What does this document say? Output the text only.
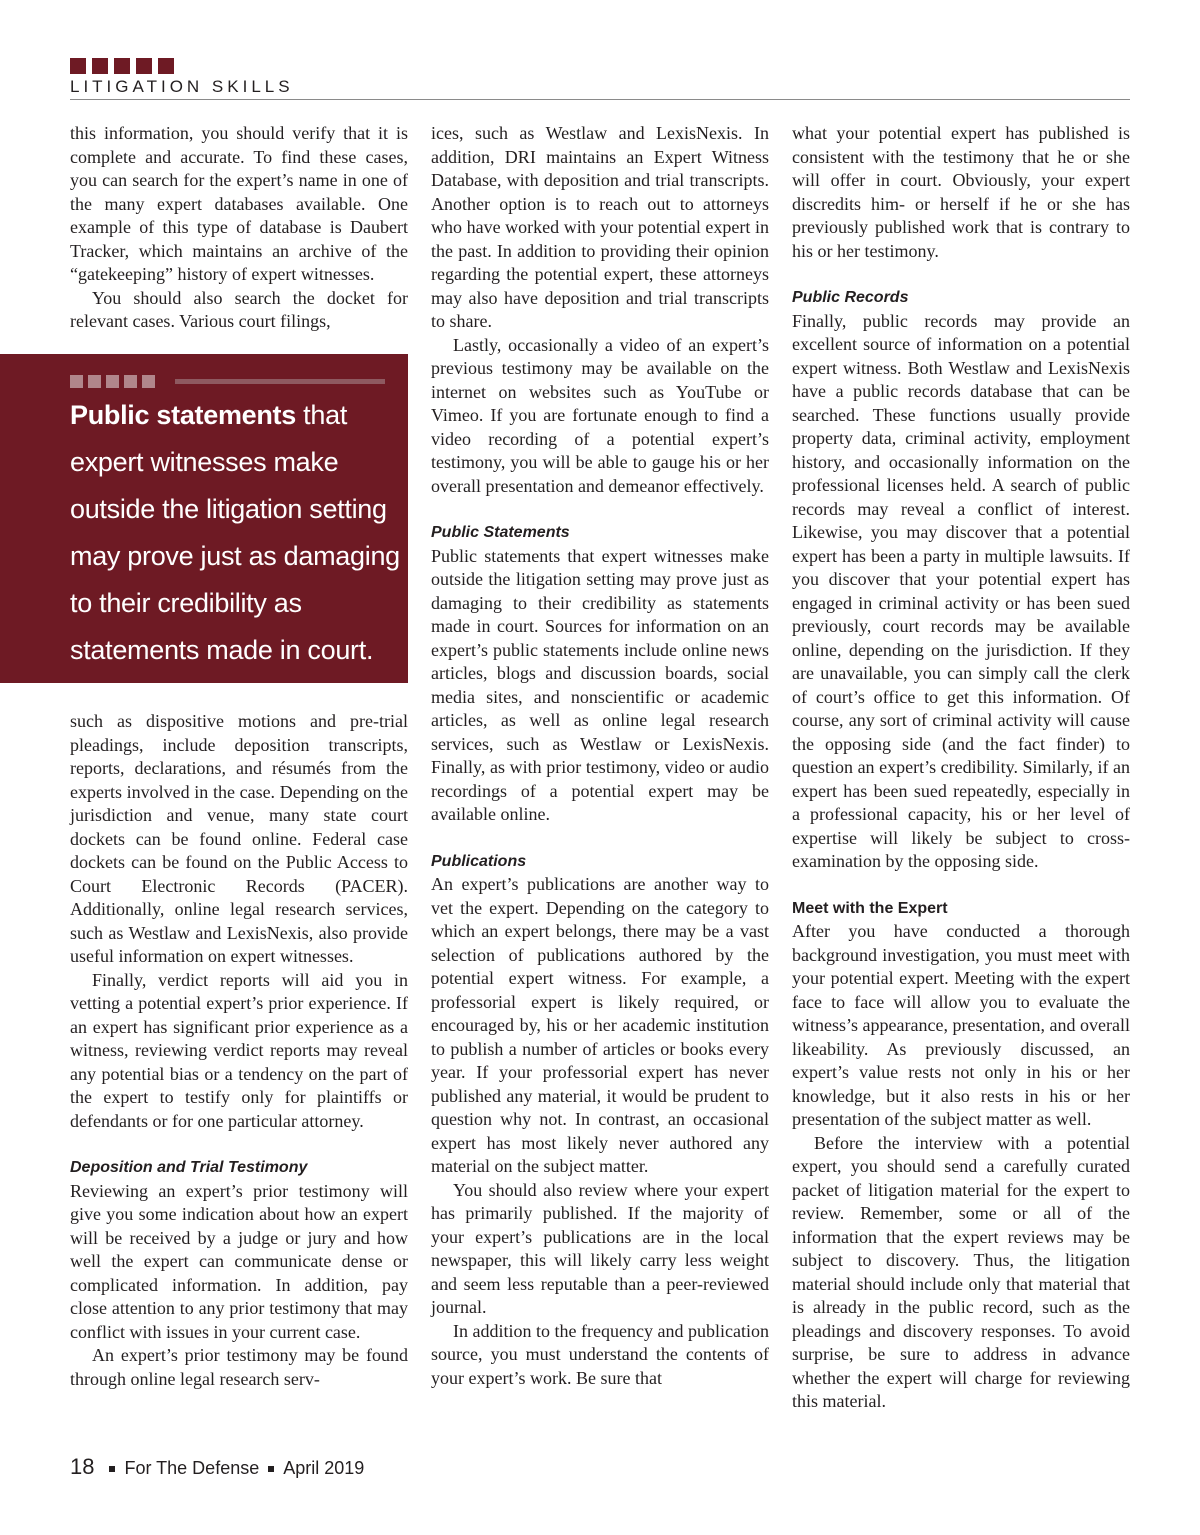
LITIGATION SKILLS

this information, you should verify that it is complete and accurate. To find these cases, you can search for the expert’s name in one of the many expert databases available. One example of this type of database is Daubert Tracker, which maintains an archive of the “gatekeeping” history of expert witnesses.

You should also search the docket for relevant cases. Various court filings,

Public statements that expert witnesses make outside the litigation setting may prove just as damaging to their credibility as statements made in court.

such as dispositive motions and pre-trial pleadings, include deposition transcripts, reports, declarations, and résumés from the experts involved in the case. Depending on the jurisdiction and venue, many state court dockets can be found online. Federal case dockets can be found on the Public Access to Court Electronic Records (PACER). Additionally, online legal research services, such as Westlaw and LexisNexis, also provide useful information on expert witnesses.

Finally, verdict reports will aid you in vetting a potential expert’s prior experience. If an expert has significant prior experience as a witness, reviewing verdict reports may reveal any potential bias or a tendency on the part of the expert to testify only for plaintiffs or defendants or for one particular attorney.

Deposition and Trial Testimony

Reviewing an expert’s prior testimony will give you some indication about how an expert will be received by a judge or jury and how well the expert can communicate dense or complicated information. In addition, pay close attention to any prior testimony that may conflict with issues in your current case.

An expert’s prior testimony may be found through online legal research serv-

ices, such as Westlaw and LexisNexis. In addition, DRI maintains an Expert Witness Database, with deposition and trial transcripts. Another option is to reach out to attorneys who have worked with your potential expert in the past. In addition to providing their opinion regarding the potential expert, these attorneys may also have deposition and trial transcripts to share.

Lastly, occasionally a video of an expert’s previous testimony may be available on the internet on websites such as YouTube or Vimeo. If you are fortunate enough to find a video recording of a potential expert’s testimony, you will be able to gauge his or her overall presentation and demeanor effectively.

Public Statements

Public statements that expert witnesses make outside the litigation setting may prove just as damaging to their credibility as statements made in court. Sources for information on an expert’s public statements include online news articles, blogs and discussion boards, social media sites, and nonscientific or academic articles, as well as online legal research services, such as Westlaw or LexisNexis. Finally, as with prior testimony, video or audio recordings of a potential expert may be available online.

Publications

An expert’s publications are another way to vet the expert. Depending on the category to which an expert belongs, there may be a vast selection of publications authored by the potential expert witness. For example, a professorial expert is likely required, or encouraged by, his or her academic institution to publish a number of articles or books every year. If your professorial expert has never published any material, it would be prudent to question why not. In contrast, an occasional expert has most likely never authored any material on the subject matter.

You should also review where your expert has primarily published. If the majority of your expert’s publications are in the local newspaper, this will likely carry less weight and seem less reputable than a peer-reviewed journal.

In addition to the frequency and publication source, you must understand the contents of your expert’s work. Be sure that

what your potential expert has published is consistent with the testimony that he or she will offer in court. Obviously, your expert discredits him- or herself if he or she has previously published work that is contrary to his or her testimony.

Public Records

Finally, public records may provide an excellent source of information on a potential expert witness. Both Westlaw and LexisNexis have a public records database that can be searched. These functions usually provide property data, criminal activity, employment history, and occasionally information on the professional licenses held. A search of public records may reveal a conflict of interest. Likewise, you may discover that a potential expert has been a party in multiple lawsuits. If you discover that your potential expert has engaged in criminal activity or has been sued previously, court records may be available online, depending on the jurisdiction. If they are unavailable, you can simply call the clerk of court’s office to get this information. Of course, any sort of criminal activity will cause the opposing side (and the fact finder) to question an expert’s credibility. Similarly, if an expert has been sued repeatedly, especially in a professional capacity, his or her level of expertise will likely be subject to cross-examination by the opposing side.

Meet with the Expert

After you have conducted a thorough background investigation, you must meet with your potential expert. Meeting with the expert face to face will allow you to evaluate the witness’s appearance, presentation, and overall likeability. As previously discussed, an expert’s value rests not only in his or her knowledge, but it also rests in his or her presentation of the subject matter as well.

Before the interview with a potential expert, you should send a carefully curated packet of litigation material for the expert to review. Remember, some or all of the information that the expert reviews may be subject to discovery. Thus, the litigation material should include only that material that is already in the public record, such as the pleadings and discovery responses. To avoid surprise, be sure to address in advance whether the expert will charge for reviewing this material.

18 For The Defense April 2019
